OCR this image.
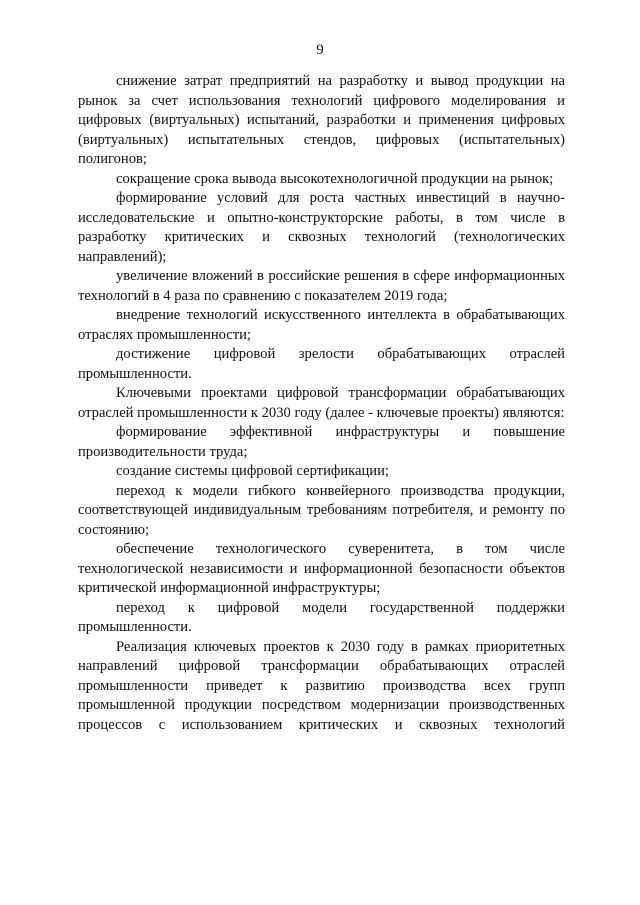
9

снижение затрат предприятий на разработку и вывод продукции на рынок за счет использования технологий цифрового моделирования и цифровых (виртуальных) испытаний, разработки и применения цифровых (виртуальных) испытательных стендов, цифровых (испытательных) полигонов;

сокращение срока вывода высокотехнологичной продукции на рынок;

формирование условий для роста частных инвестиций в научно-исследовательские и опытно-конструкторские работы, в том числе в разработку критических и сквозных технологий (технологических направлений);

увеличение вложений в российские решения в сфере информационных технологий в 4 раза по сравнению с показателем 2019 года;

внедрение технологий искусственного интеллекта в обрабатывающих отраслях промышленности;

достижение цифровой зрелости обрабатывающих отраслей промышленности.

Ключевыми проектами цифровой трансформации обрабатывающих отраслей промышленности к 2030 году (далее - ключевые проекты) являются:

формирование эффективной инфраструктуры и повышение производительности труда;

создание системы цифровой сертификации;

переход к модели гибкого конвейерного производства продукции, соответствующей индивидуальным требованиям потребителя, и ремонту по состоянию;

обеспечение технологического суверенитета, в том числе технологической независимости и информационной безопасности объектов критической информационной инфраструктуры;

переход к цифровой модели государственной поддержки промышленности.

Реализация ключевых проектов к 2030 году в рамках приоритетных направлений цифровой трансформации обрабатывающих отраслей промышленности приведет к развитию производства всех групп промышленной продукции посредством модернизации производственных процессов с использованием критических и сквозных технологий
